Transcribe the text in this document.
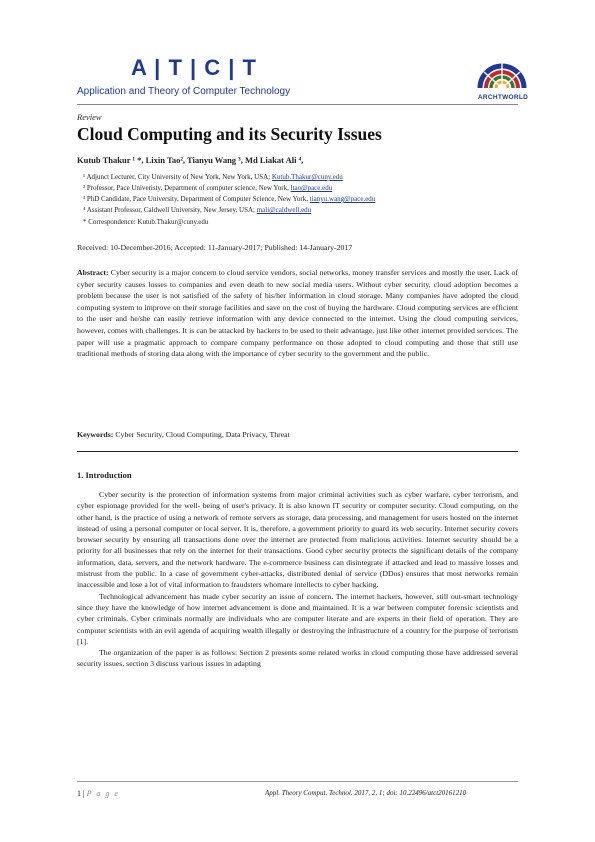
A | T | C | T
Application and Theory of Computer Technology
ARCHTWORLD
Review
Cloud Computing and its Security Issues
Kutub Thakur ¹ *, Lixin Tao², Tianyu Wang ³, Md Liakat Ali ⁴,
¹ Adjunct Lecturer, City University of New York, New York, USA; Kutub.Thakur@cuny.edu
² Professor, Pace Univeristy, Department of computer science, New York, ltao@pace.edu
³ PhD Candidate, Pace University, Department of Computer Science, New York, tianyu.wang@pace.edu
⁴ Assistant Professor, Caldwell University, New Jersey, USA; mali@caldwell.edu
* Correspondence: Kutub.Thakur@cuny.edu
Received: 10-December-2016; Accepted: 11-January-2017; Published: 14-January-2017
Abstract: Cyber security is a major concern to cloud service vendors, social networks, money transfer services and mostly the user. Lack of cyber security causes losses to companies and even death to new social media users. Without cyber security, cloud adoption becomes a problem because the user is not satisfied of the safety of his/her information in cloud storage. Many companies have adopted the cloud computing system to improve on their storage facilities and save on the cost of buying the hardware. Cloud computing services are efficient to the user and he/she can easily retrieve information with any device connected to the internet. Using the cloud computing services, however, comes with challenges. It is can be attacked by hackers to be used to their advantage, just like other internet provided services. The paper will use a pragmatic approach to compare company performance on those adopted to cloud computing and those that still use traditional methods of storing data along with the importance of cyber security to the government and the public.
Keywords: Cyber Security, Cloud Computing, Data Privacy, Threat
1. Introduction

Cyber security is the protection of information systems from major criminal activities such as cyber warfare, cyber terrorism, and cyber espionage provided for the well- being of user's privacy. It is also known IT security or computer security. Cloud computing, on the other hand, is the practice of using a network of remote servers as storage, data processing, and management for users hosted on the internet instead of using a personal computer or local server. It is, therefore, a government priority to guard its web security. Internet security covers browser security by ensuring all transactions done over the internet are protected from malicious activities. Internet security should be a priority for all businesses that rely on the internet for their transactions. Good cyber security protects the significant details of the company information, data, servers, and the network hardware. The e-commerce business can disintegrate if attacked and lead to massive losses and mistrust from the public. In a case of government cyber-attacks, distributed denial of service (DDos) ensures that most networks remain inaccessible and lose a lot of vital information to fraudsters whomare intellects to cyber hacking.

Technological advancement has made cyber security an issue of concern. The internet hackers, however, still out-smart technology since they have the knowledge of how internet advancement is done and maintained. It is a war between computer forensic scientists and cyber criminals. Cyber criminals normally are individuals who are computer literate and are experts in their field of operation. They are computer scientists with an evil agenda of acquiring wealth illegally or destroying the infrastructure of a country for the purpose of terrorism [1].

The organization of the paper is as follows: Section 2 presents some related works in cloud computing those have addressed several security issues, section 3 discuss various issues in adapting

1 | P a g e	Appl. Theory Comput. Technol. 2017, 2, 1; doi: 10.22496/atct20161210
